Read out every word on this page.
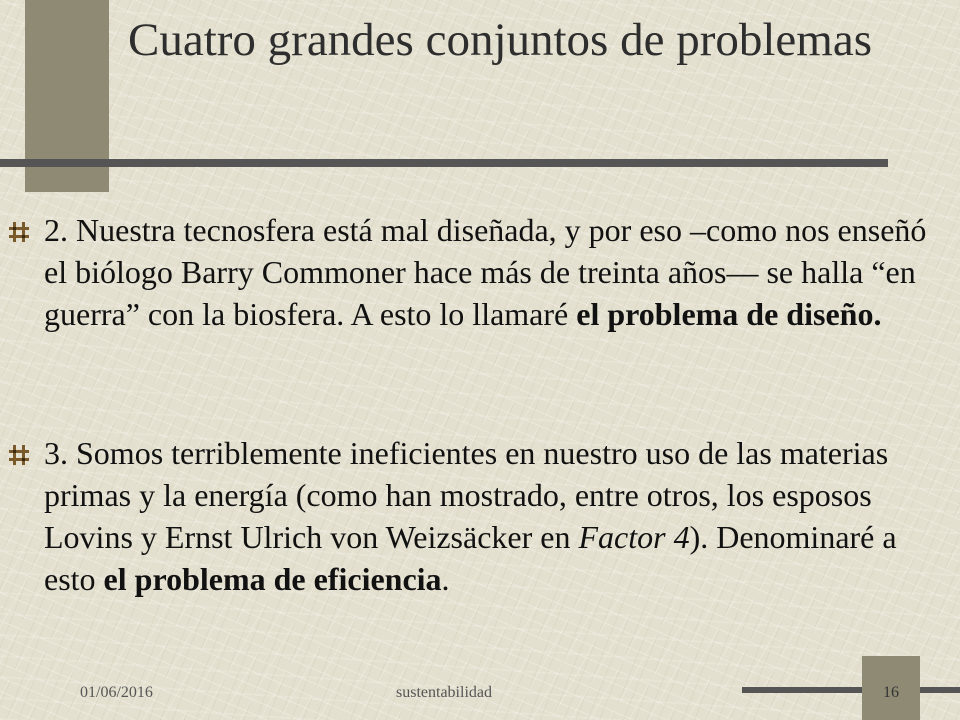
Cuatro grandes conjuntos de problemas

2. Nuestra tecnosfera está mal diseñada, y por eso –como nos enseñó el biólogo Barry Commoner hace más de treinta años— se halla “en guerra” con la biosfera. A esto lo llamaré el problema de diseño.

3. Somos terriblemente ineficientes en nuestro uso de las materias primas y la energía (como han mostrado, entre otros, los esposos Lovins y Ernst Ulrich von Weizsäcker en Factor 4). Denominaré a esto el problema de eficiencia.

01/06/2016	sustentabilidad	16
